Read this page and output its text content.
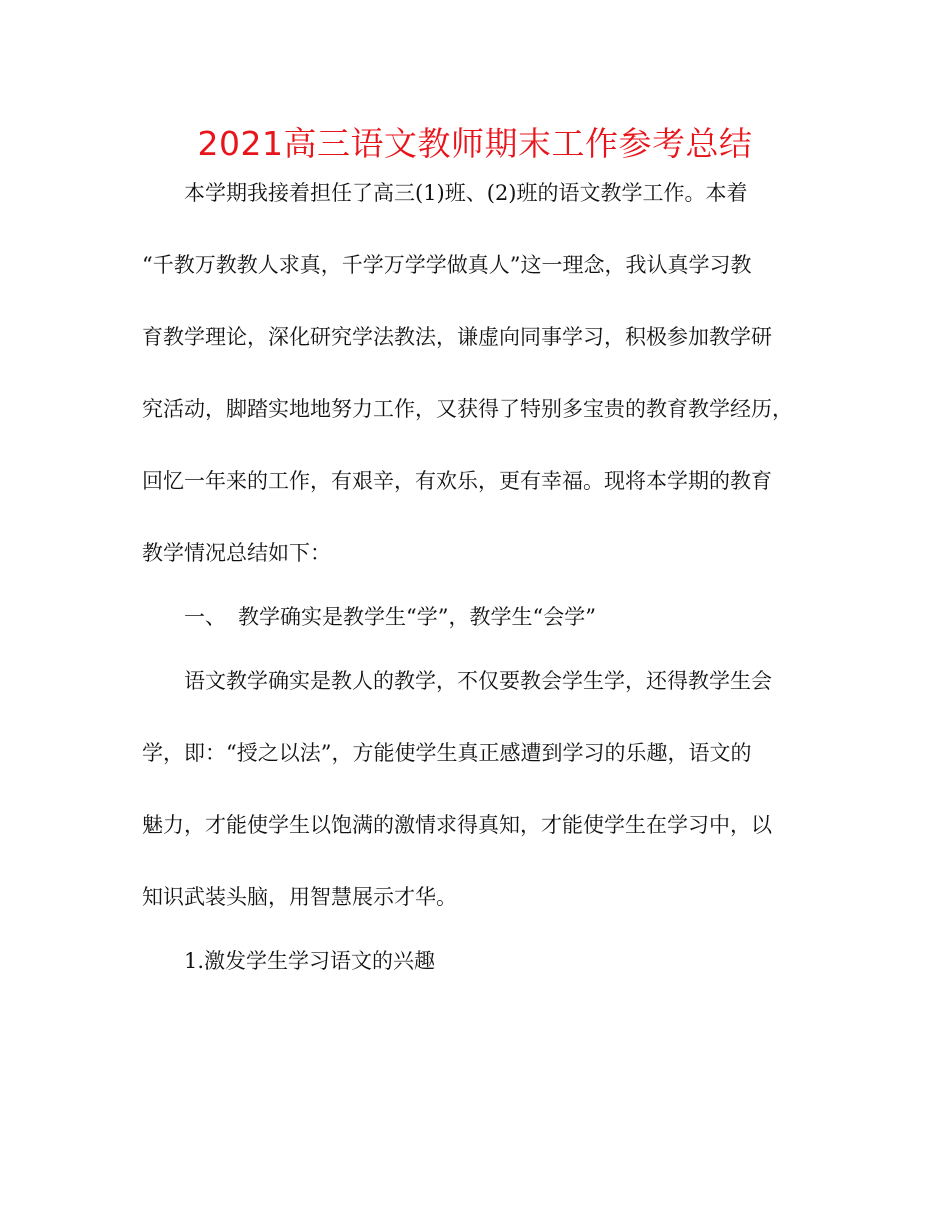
2021高三语文教师期末工作参考总结
本学期我接着担任了高三(1)班、(2)班的语文教学工作。本着
“千教万教教人求真，千学万学学做真人”这一理念，我认真学习教
育教学理论，深化研究学法教法，谦虚向同事学习，积极参加教学研
究活动，脚踏实地地努力工作，又获得了特别多宝贵的教育教学经历，
回忆一年来的工作，有艰辛，有欢乐，更有幸福。现将本学期的教育
教学情况总结如下：
一、 教学确实是教学生“学”，教学生“会学”
语文教学确实是教人的教学，不仅要教会学生学，还得教学生会
学，即：“授之以法”，方能使学生真正感遭到学习的乐趣，语文的
魅力，才能使学生以饱满的激情求得真知，才能使学生在学习中，以
知识武装头脑，用智慧展示才华。
1.激发学生学习语文的兴趣
